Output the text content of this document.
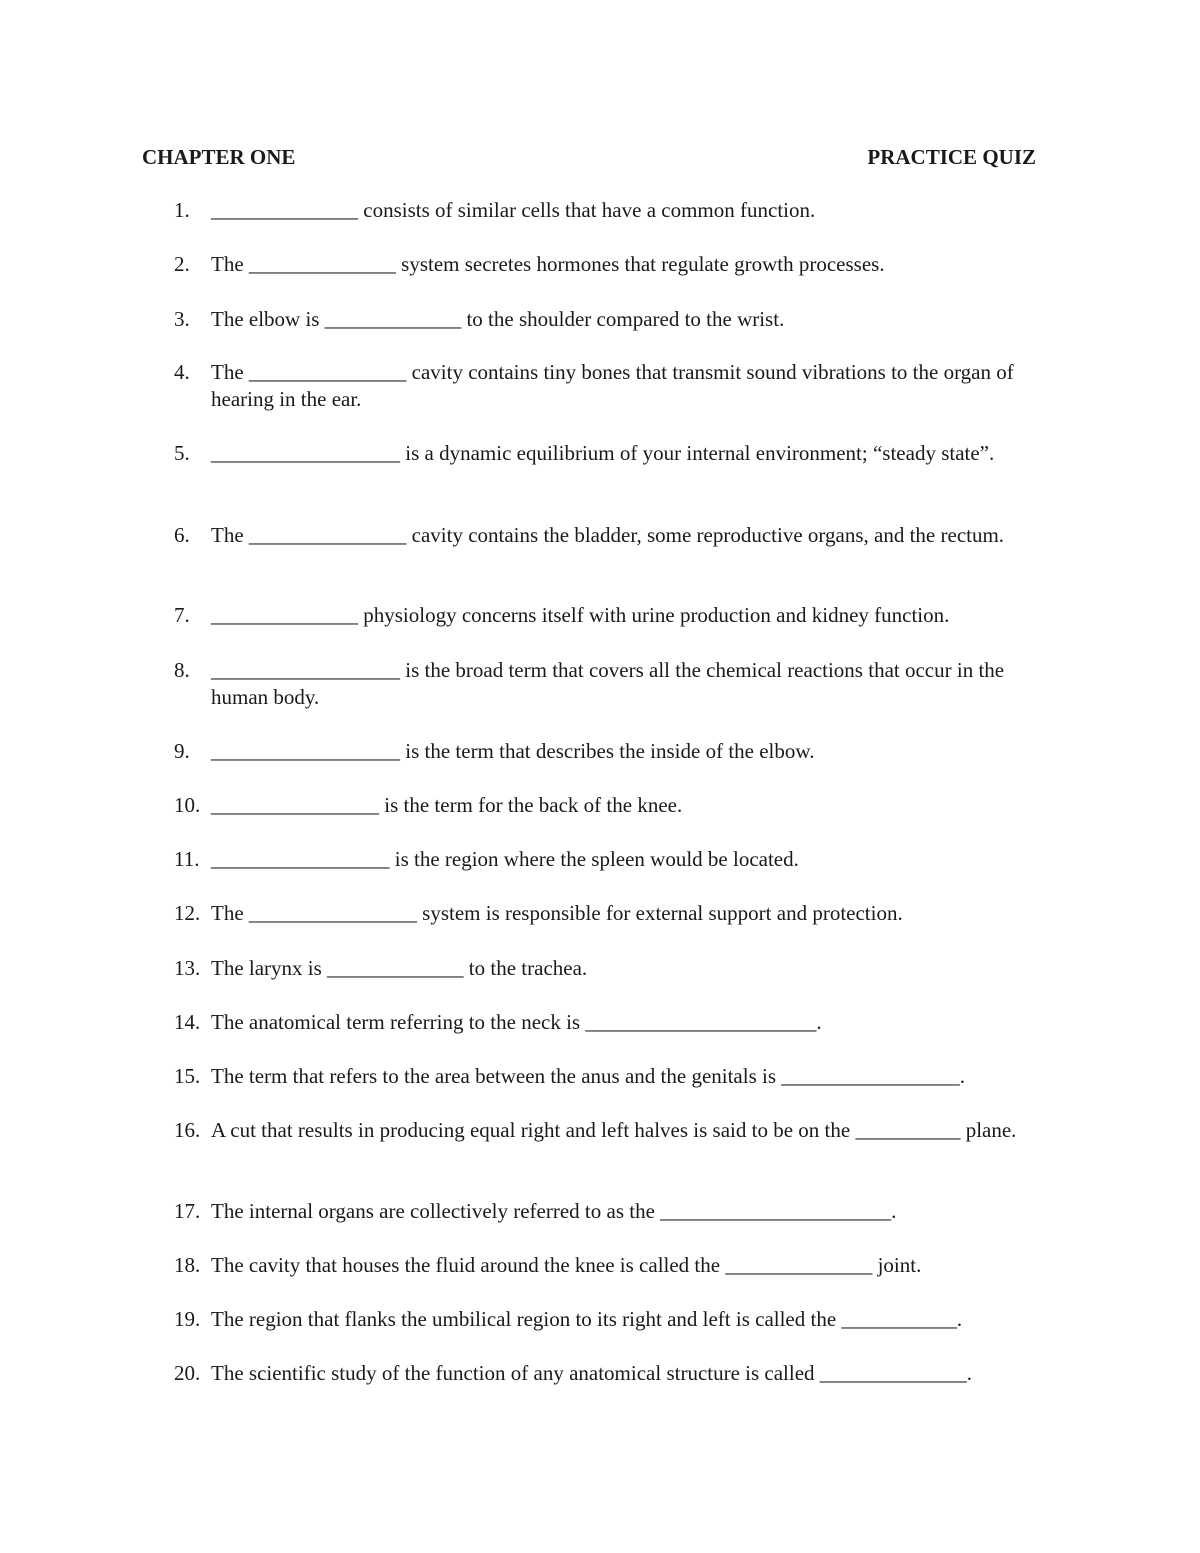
CHAPTER ONE	PRACTICE QUIZ
1.	______________ consists of similar cells that have a common function.
2.	The ______________ system secretes hormones that regulate growth processes.
3.	The elbow is _____________ to the shoulder compared to the wrist.
4.	The _______________ cavity contains tiny bones that transmit sound vibrations to the organ of hearing in the ear.
5.	__________________ is a dynamic equilibrium of your internal environment; “steady state”.
6.	The _______________ cavity contains the bladder, some reproductive organs, and the rectum.
7.	______________ physiology concerns itself with urine production and kidney function.
8.	__________________ is the broad term that covers all the chemical reactions that occur in the human body.
9.	__________________ is the term that describes the inside of the elbow.
10. ________________ is the term for the back of the knee.
11. _________________ is the region where the spleen would be located.
12. The ________________ system is responsible for external support and protection.
13. The larynx is _____________ to the trachea.
14. The anatomical term referring to the neck is ______________________.
15. The term that refers to the area between the anus and the genitals is _________________.
16. A cut that results in producing equal right and left halves is said to be on the __________ plane.
17. The internal organs are collectively referred to as the ______________________.
18. The cavity that houses the fluid around the knee is called the ______________ joint.
19. The region that flanks the umbilical region to its right and left is called the ___________.
20. The scientific study of the function of any anatomical structure is called ______________.
